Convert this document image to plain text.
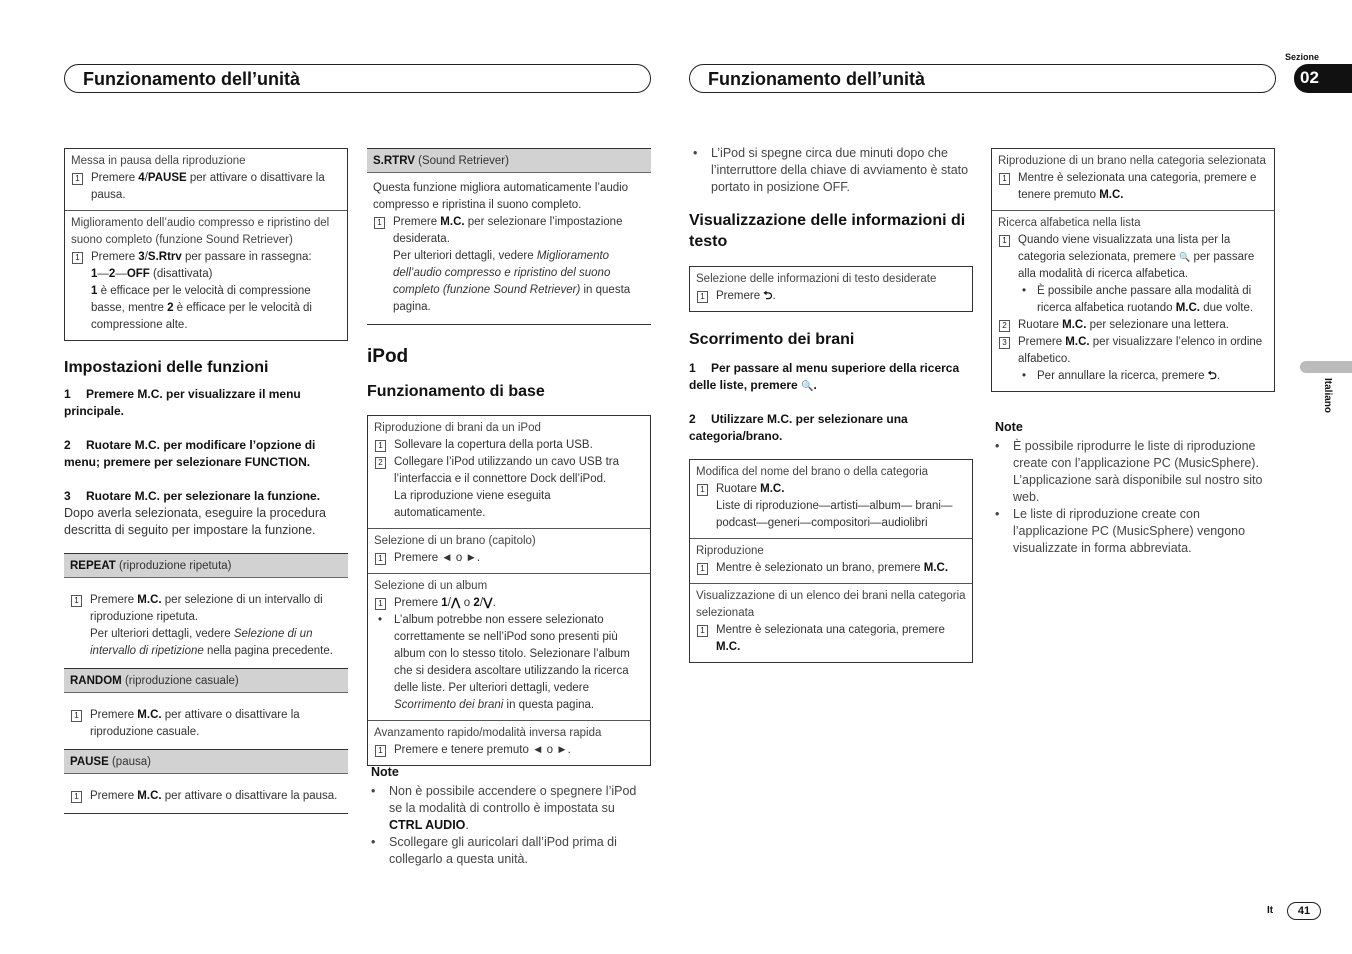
Funzionamento dell’unità	Funzionamento dell’unità
Sezione
02
Italiano
Messa in pausa della riproduzione
1 Premere 4/PAUSE per attivare o disattivare la pausa.
Miglioramento dell’audio compresso e ripristino del suono completo (funzione Sound Retriever)
1 Premere 3/S.Rtrv per passare in rassegna:
1—2—OFF (disattivata)
1 è efficace per le velocità di compressione basse, mentre 2 è efficace per le velocità di compressione alte.
Impostazioni delle funzioni
1 Premere M.C. per visualizzare il menu principale.
2 Ruotare M.C. per modificare l’opzione di menu; premere per selezionare FUNCTION.
3 Ruotare M.C. per selezionare la funzione.
Dopo averla selezionata, eseguire la procedura descritta di seguito per impostare la funzione.
REPEAT (riproduzione ripetuta)
1 Premere M.C. per selezione di un intervallo di riproduzione ripetuta.
Per ulteriori dettagli, vedere Selezione di un intervallo di ripetizione nella pagina precedente.
RANDOM (riproduzione casuale)
1 Premere M.C. per attivare o disattivare la riproduzione casuale.
PAUSE (pausa)
1 Premere M.C. per attivare o disattivare la pausa.
S.RTRV (Sound Retriever)
Questa funzione migliora automaticamente l’audio compresso e ripristina il suono completo.
1 Premere M.C. per selezionare l’impostazione desiderata.
Per ulteriori dettagli, vedere Miglioramento dell’audio compresso e ripristino del suono completo (funzione Sound Retriever) in questa pagina.
iPod
Funzionamento di base
Riproduzione di brani da un iPod
1 Sollevare la copertura della porta USB.
2 Collegare l’iPod utilizzando un cavo USB tra l’interfaccia e il connettore Dock dell’iPod.
La riproduzione viene eseguita automaticamente.
Selezione di un brano (capitolo)
1 Premere ◄ o ►.
Selezione di un album
1 Premere 1/⋀ o 2/⋁.
• L’album potrebbe non essere selezionato correttamente se nell’iPod sono presenti più album con lo stesso titolo. Selezionare l’album che si desidera ascoltare utilizzando la ricerca delle liste. Per ulteriori dettagli, vedere Scorrimento dei brani in questa pagina.
Avanzamento rapido/modalità inversa rapida
1 Premere e tenere premuto ◄ o ►.
Note
• Non è possibile accendere o spegnere l’iPod se la modalità di controllo è impostata su CTRL AUDIO.
• Scollegare gli auricolari dall’iPod prima di collegarlo a questa unità.
• L’iPod si spegne circa due minuti dopo che l’interruttore della chiave di avviamento è stato portato in posizione OFF.
Visualizzazione delle informazioni di testo
Selezione delle informazioni di testo desiderate
1 Premere ⮌.
Scorrimento dei brani
1 Per passare al menu superiore della ricerca delle liste, premere 🔍.
2 Utilizzare M.C. per selezionare una categoria/brano.
Modifica del nome del brano o della categoria
1 Ruotare M.C.
Liste di riproduzione—artisti—album— brani—podcast—generi—compositori—audiolibri
Riproduzione
1 Mentre è selezionato un brano, premere M.C.
Visualizzazione di un elenco dei brani nella categoria selezionata
1 Mentre è selezionata una categoria, premere M.C.
Riproduzione di un brano nella categoria selezionata
1 Mentre è selezionata una categoria, premere e tenere premuto M.C.
Ricerca alfabetica nella lista
1 Quando viene visualizzata una lista per la categoria selezionata, premere 🔍 per passare alla modalità di ricerca alfabetica.
• È possibile anche passare alla modalità di ricerca alfabetica ruotando M.C. due volte.
2 Ruotare M.C. per selezionare una lettera.
3 Premere M.C. per visualizzare l’elenco in ordine alfabetico.
• Per annullare la ricerca, premere ⮌.
Note
• È possibile riprodurre le liste di riproduzione create con l’applicazione PC (MusicSphere). L’applicazione sarà disponibile sul nostro sito web.
• Le liste di riproduzione create con l’applicazione PC (MusicSphere) vengono visualizzate in forma abbreviata.
It	41
